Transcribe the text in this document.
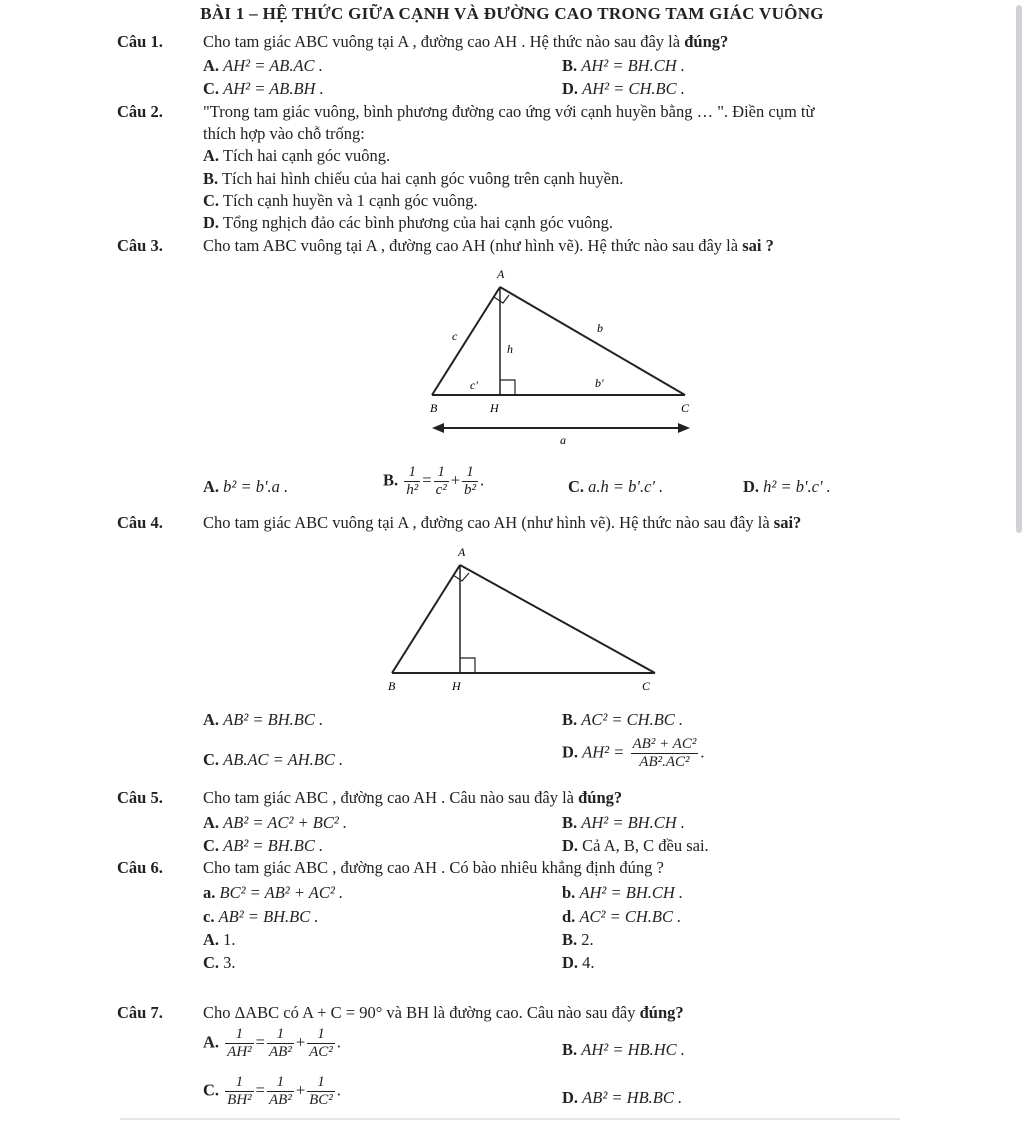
BÀI 1 – HỆ THỨC GIỮA CẠNH VÀ ĐƯỜNG CAO TRONG TAM GIÁC VUÔNG
Câu 1. Cho tam giác ABC vuông tại A , đường cao AH . Hệ thức nào sau đây là đúng?
A. AH² = AB.AC .	B. AH² = BH.CH .
C. AH² = AB.BH .	D. AH² = CH.BC .
Câu 2. "Trong tam giác vuông, bình phương đường cao ứng với cạnh huyền bằng … ". Điền cụm từ
thích hợp vào chỗ trống:
A. Tích hai cạnh góc vuông.
B. Tích hai hình chiếu của hai cạnh góc vuông trên cạnh huyền.
C. Tích cạnh huyền và 1 cạnh góc vuông.
D. Tổng nghịch đảo các bình phương của hai cạnh góc vuông.
Câu 3. Cho tam ABC vuông tại A , đường cao AH (như hình vẽ). Hệ thức nào sau đây là sai ?
A
c
b
h
c'	b'
B	H	C
a
A. b² = b'.a .	B. $\frac{1}{\text{h²}} = \frac{1}{\text{c²}} + \frac{1}{\text{b²}}$ .	C. a.h = b'.c' .	D. h² = b'.c' .
Câu 4. Cho tam giác ABC vuông tại A , đường cao AH (như hình vẽ). Hệ thức nào sau đây là sai?
A
B	H	C
A. AB² = BH.BC .	B. AC² = CH.BC .
C. AB.AC = AH.BC .	D. $AH^2 = \frac{\text{AB² + AC²}}{\text{AB².AC²}}$ .
Câu 5. Cho tam giác ABC , đường cao AH . Câu nào sau đây là đúng?
A. AB² = AC² + BC² .	B. AH² = BH.CH .
C. AB² = BH.BC .	D. Cả A, B, C đều sai.
Câu 6. Cho tam giác ABC , đường cao AH . Có bào nhiêu khẳng định đúng ?
a. BC² = AB² + AC² .	b. AH² = BH.CH .
c. AB² = BH.BC .	d. AC² = CH.BC .
A. 1.	B. 2.
C. 3.	D. 4.
Câu 7. Cho ΔABC có A + C = 90° và BH là đường cao. Câu nào sau đây đúng?
A. $\frac{1}{\text{AH²}} = \frac{1}{\text{AB²}} + \frac{1}{\text{AC²}}$ .	B. AH² = HB.HC .
C. $\frac{1}{\text{BH²}} = \frac{1}{\text{AB²}} + \frac{1}{\text{BC²}}$ .	D. AB² = HB.BC .
